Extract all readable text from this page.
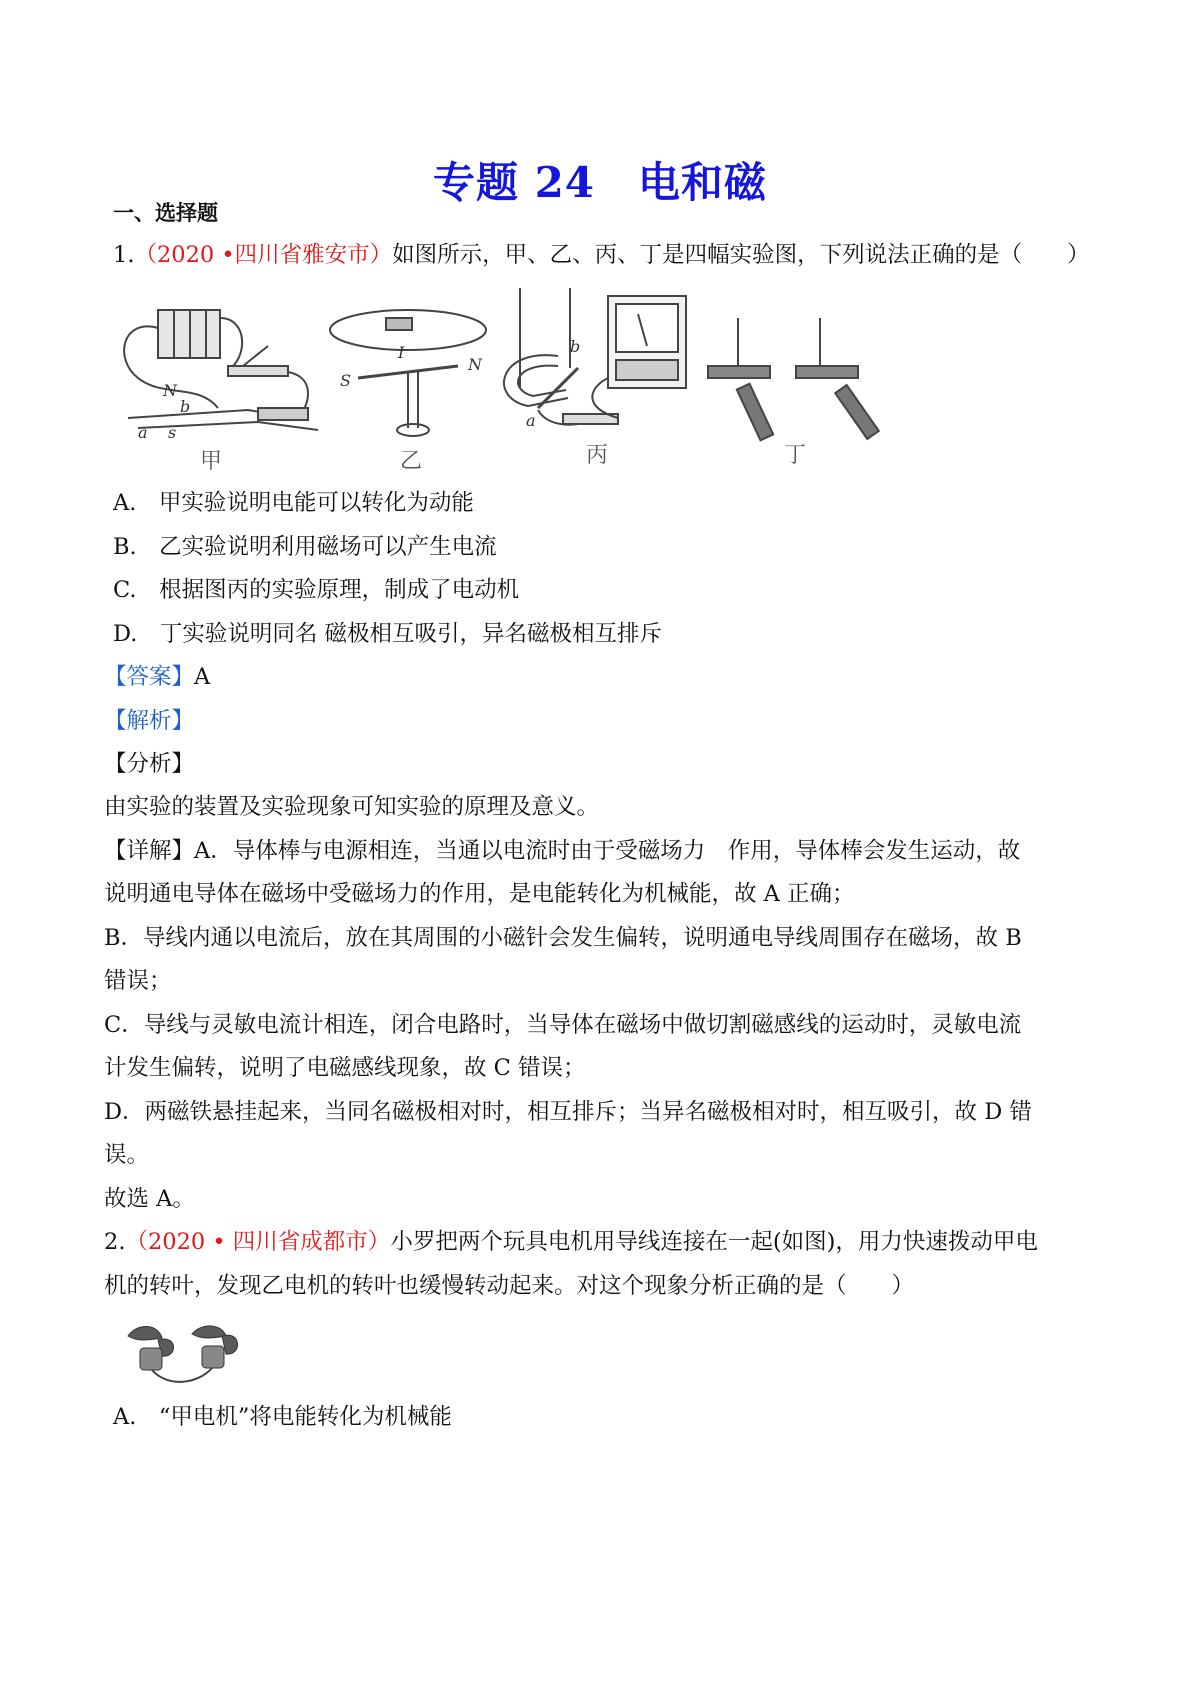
专题 24　电和磁
一、选择题
1.（2020 •四川省雅安市）如图所示，甲、乙、丙、丁是四幅实验图，下列说法正确的是（　　）
N
b
a s
I
S
N
b
a
甲	乙	丙	丁
A.　甲实验说明电能可以转化为动能
B.　乙实验说明利用磁场可以产生电流
C.　根据图丙的实验原理，制成了电动机
D.　丁实验说明同名 磁极相互吸引，异名磁极相互排斥
【答案】A
【解析】
【分析】
由实验的装置及实验现象可知实验的原理及意义。
【详解】A．导体棒与电源相连，当通以电流时由于受磁场力　作用，导体棒会发生运动，故
说明通电导体在磁场中受磁场力的作用，是电能转化为机械能，故 A 正确；
B．导线内通以电流后，放在其周围的小磁针会发生偏转，说明通电导线周围存在磁场，故 B
错误；
C．导线与灵敏电流计相连，闭合电路时，当导体在磁场中做切割磁感线的运动时，灵敏电流
计发生偏转，说明了电磁感线现象，故 C 错误；
D．两磁铁悬挂起来，当同名磁极相对时，相互排斥；当异名磁极相对时，相互吸引，故 D 错
误。
故选 A。
2.（2020 • 四川省成都市）小罗把两个玩具电机用导线连接在一起(如图)，用力快速拨动甲电
机的转叶，发现乙电机的转叶也缓慢转动起来。对这个现象分析正确的是（　　）
A.　“甲电机”将电能转化为机械能
